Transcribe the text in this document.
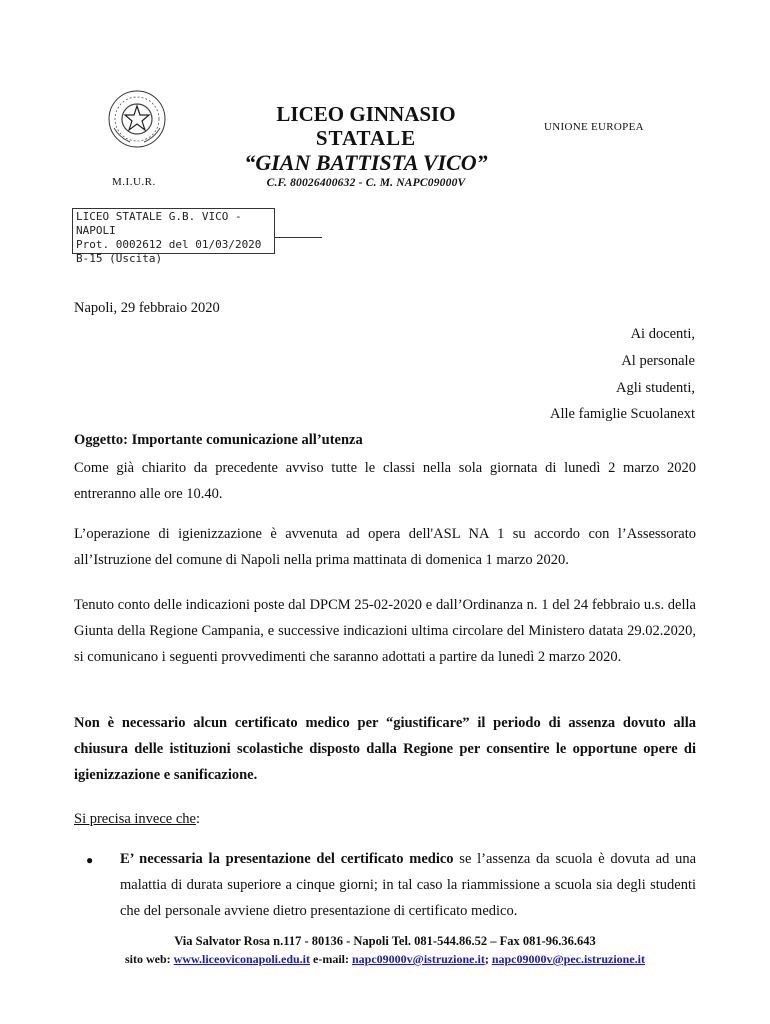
M.I.U.R.
LICEO GINNASIO
STATALE
“GIAN BATTISTA VICO”
C.F. 80026400632 - C. M. NAPC09000V
UNIONE EUROPEA
LICEO STATALE G.B. VICO - NAPOLI
Prot. 0002612 del 01/03/2020
B-15 (Uscita)
Napoli, 29 febbraio 2020
Ai docenti,
Al personale
Agli studenti,
Alle famiglie Scuolanext
Oggetto: Importante comunicazione all’utenza
Come già chiarito da precedente avviso tutte le classi nella sola giornata di lunedì 2 marzo 2020 entreranno alle ore 10.40.
L’operazione di igienizzazione è avvenuta ad opera dell'ASL NA 1 su accordo con l’Assessorato all’Istruzione del comune di Napoli nella prima mattinata di domenica 1 marzo 2020.
Tenuto conto delle indicazioni poste dal DPCM 25-02-2020 e dall’Ordinanza n. 1 del 24 febbraio u.s. della Giunta della Regione Campania, e successive indicazioni ultima circolare del Ministero datata 29.02.2020, si comunicano i seguenti provvedimenti che saranno adottati a partire da lunedì 2 marzo 2020.
Non è necessario alcun certificato medico per “giustificare” il periodo di assenza dovuto alla chiusura delle istituzioni scolastiche disposto dalla Regione per consentire le opportune opere di igienizzazione e sanificazione.
Si precisa invece che:
● E’ necessaria la presentazione del certificato medico se l’assenza da scuola è dovuta ad una malattia di durata superiore a cinque giorni; in tal caso la riammissione a scuola sia degli studenti che del personale avviene dietro presentazione di certificato medico.
Via Salvator Rosa n.117 - 80136 - Napoli Tel. 081-544.86.52 – Fax 081-96.36.643
sito web: www.liceoviconapoli.edu.it e-mail: napc09000v@istruzione.it; napc09000v@pec.istruzione.it
